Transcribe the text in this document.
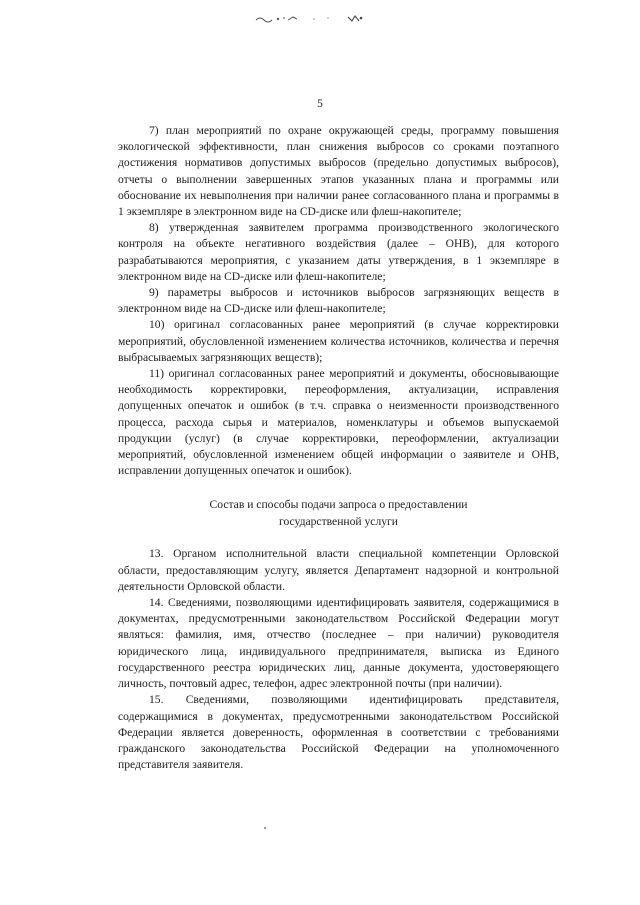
5

7) план мероприятий по охране окружающей среды, программу повышения экологической эффективности, план снижения выбросов со сроками поэтапного достижения нормативов допустимых выбросов (предельно допустимых выбросов), отчеты о выполнении завершенных этапов указанных плана и программы или обоснование их невыполнения при наличии ранее согласованного плана и программы в 1 экземпляре в электронном виде на CD-диске или флеш-накопителе;

8) утвержденная заявителем программа производственного экологического контроля на объекте негативного воздействия (далее – ОНВ), для которого разрабатываются мероприятия, с указанием даты утверждения, в 1 экземпляре в электронном виде на CD-диске или флеш-накопителе;

9) параметры выбросов и источников выбросов загрязняющих веществ в электронном виде на CD-диске или флеш-накопителе;

10) оригинал согласованных ранее мероприятий (в случае корректировки мероприятий, обусловленной изменением количества источников, количества и перечня выбрасываемых загрязняющих веществ);

11) оригинал согласованных ранее мероприятий и документы, обосновывающие необходимость корректировки, переоформления, актуализации, исправления допущенных опечаток и ошибок (в т.ч. справка о неизменности производственного процесса, расхода сырья и материалов, номенклатуры и объемов выпускаемой продукции (услуг) (в случае корректировки, переоформлении, актуализации мероприятий, обусловленной изменением общей информации о заявителе и ОНВ, исправлении допущенных опечаток и ошибок).

Состав и способы подачи запроса о предоставлении
государственной услуги

13. Органом исполнительной власти специальной компетенции Орловской области, предоставляющим услугу, является Департамент надзорной и контрольной деятельности Орловской области.

14. Сведениями, позволяющими идентифицировать заявителя, содержащимися в документах, предусмотренными законодательством Российской Федерации могут являться: фамилия, имя, отчество (последнее – при наличии) руководителя юридического лица, индивидуального предпринимателя, выписка из Единого государственного реестра юридических лиц, данные документа, удостоверяющего личность, почтовый адрес, телефон, адрес электронной почты (при наличии).

15. Сведениями, позволяющими идентифицировать представителя, содержащимися в документах, предусмотренными законодательством Российской Федерации является доверенность, оформленная в соответствии с требованиями гражданского законодательства Российской Федерации на уполномоченного представителя заявителя.
